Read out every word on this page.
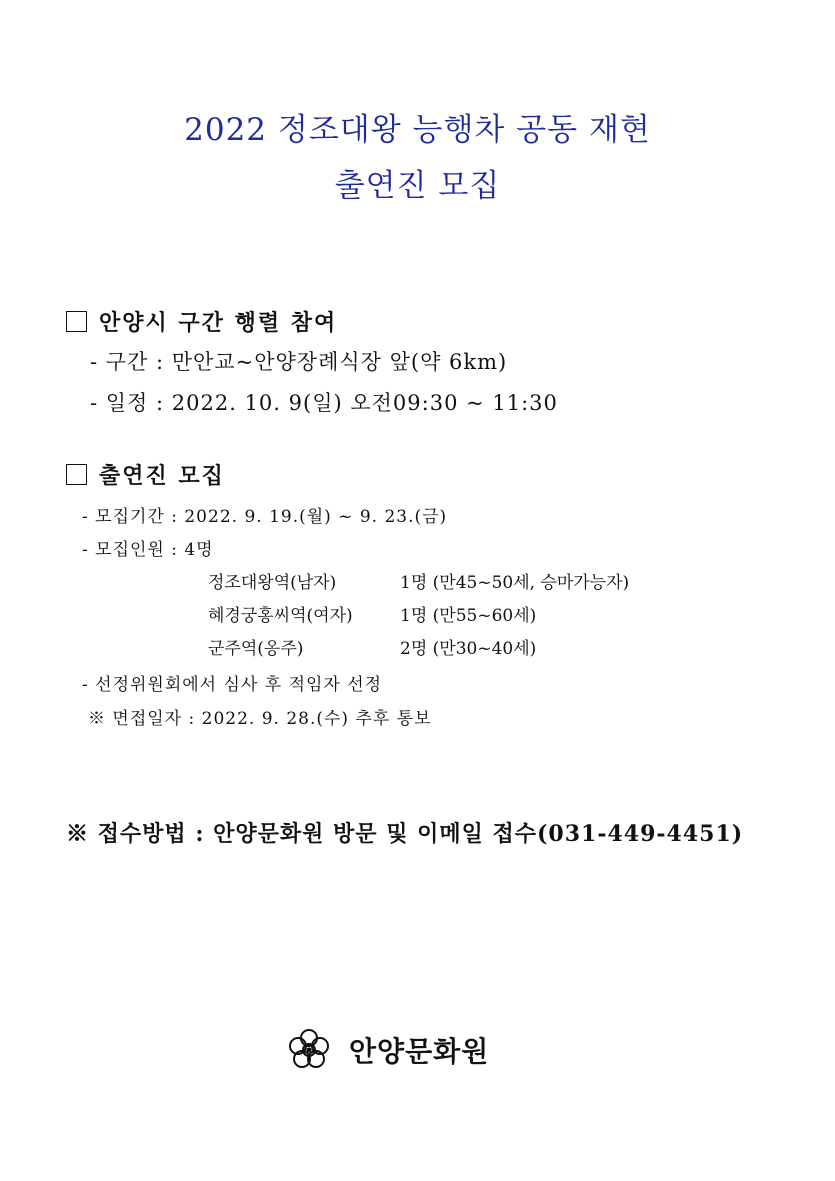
2022 정조대왕 능행차 공동 재현
출연진 모집
안양시 구간 행렬 참여
- 구간 : 만안교~안양장례식장 앞(약 6km)
- 일정 : 2022. 10. 9(일) 오전09:30 ~ 11:30
출연진 모집
- 모집기간 : 2022. 9. 19.(월) ~ 9. 23.(금)
- 모집인원 : 4명
정조대왕역(남자)	1명 (만45~50세, 승마가능자)
혜경궁홍씨역(여자)	1명 (만55~60세)
군주역(옹주)	2명 (만30~40세)
- 선정위원회에서 심사 후 적임자 선정
※ 면접일자 : 2022. 9. 28.(수) 추후 통보
※ 접수방법 : 안양문화원 방문 및 이메일 접수(031-449-4451)
안양문화원
